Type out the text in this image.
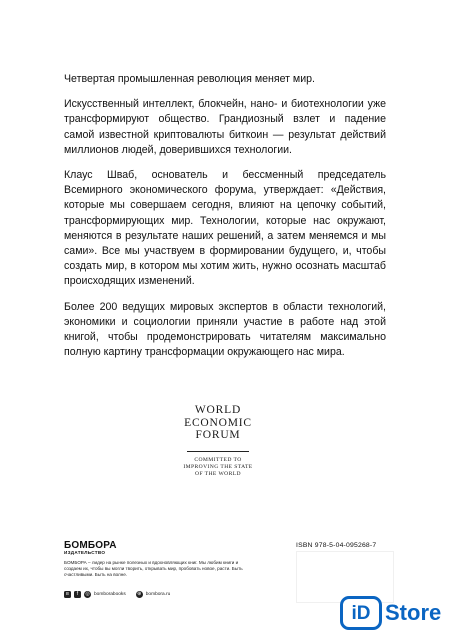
Четвертая промышленная революция меняет мир.

Искусственный интеллект, блокчейн, нано- и биотехнологии уже трансформируют общество. Грандиозный взлет и падение самой известной криптовалюты биткоин — результат действий миллионов людей, доверившихся технологии.

Клаус Шваб, основатель и бессменный председатель Всемирного экономического форума, утверждает: «Действия, которые мы совершаем сегодня, влияют на цепочку событий, трансформирующих мир. Технологии, которые нас окружают, меняются в результате наших решений, а затем меняемся и мы сами». Все мы участвуем в формировании будущего, и, чтобы создать мир, в котором мы хотим жить, нужно осознать масштаб происходящих изменений.

Более 200 ведущих мировых экспертов в области технологий, экономики и социологии приняли участие в работе над этой книгой, чтобы продемонстрировать читателям максимально полную картину трансформации окружающего нас мира.

WORLD
ECONOMIC
FORUM
COMMITTED TO
IMPROVING THE STATE
OF THE WORLD
БОМБОРА
ИЗДАТЕЛЬСТВО
БОМБОРА – лидер на рынке полезных и вдохновляющих книг. Мы любим книги и создаем их, чтобы вы могли творить, открывать мир, пробовать новое, расти. Быть счастливыми. Быть на волне.
в	f	◎ bomborabooks ⊕ bombora.ru
ISBN 978-5-04-095268-7
iD Store
